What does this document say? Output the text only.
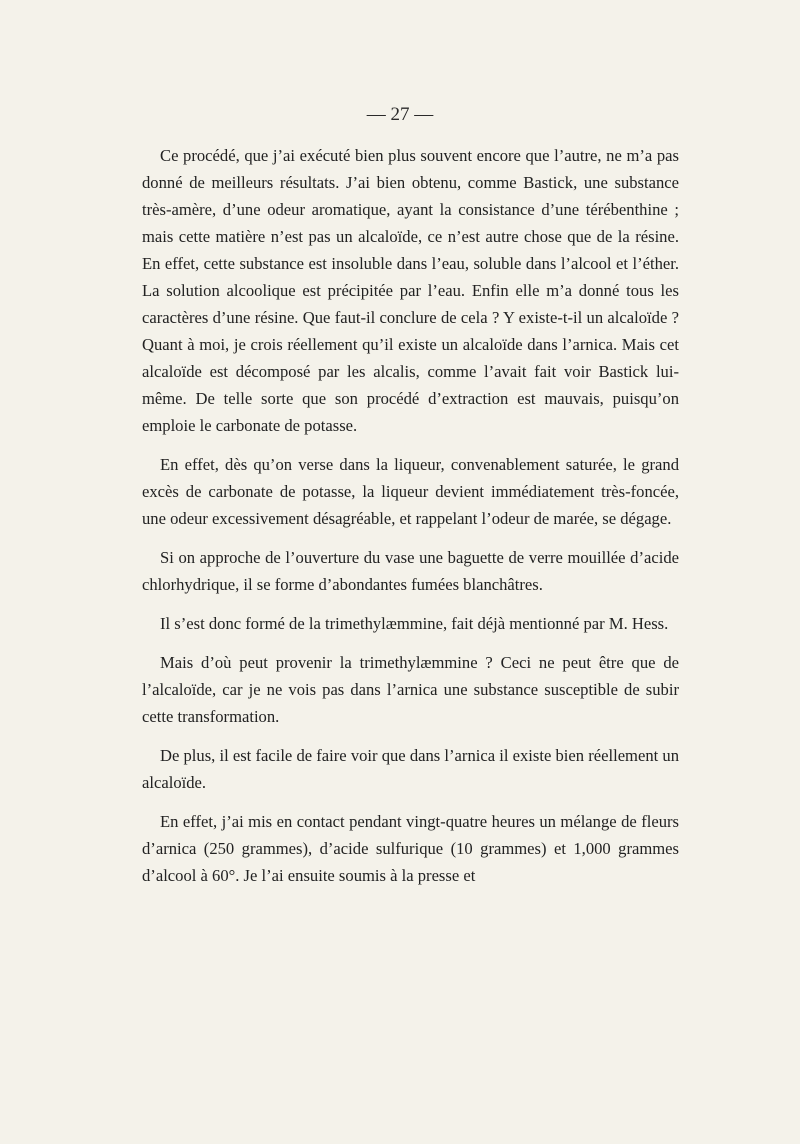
— 27 —

Ce procédé, que j’ai exécuté bien plus souvent encore que l’autre, ne m’a pas donné de meilleurs résultats. J’ai bien obtenu, comme Bastick, une substance très-amère, d’une odeur aromatique, ayant la consistance d’une térébenthine ; mais cette matière n’est pas un alcaloïde, ce n’est autre chose que de la résine. En effet, cette substance est insoluble dans l’eau, soluble dans l’alcool et l’éther. La solution alcoolique est précipitée par l’eau. Enfin elle m’a donné tous les caractères d’une résine. Que faut-il conclure de cela ? Y existe-t-il un alcaloïde ? Quant à moi, je crois réellement qu’il existe un alcaloïde dans l’arnica. Mais cet alcaloïde est décomposé par les alcalis, comme l’avait fait voir Bastick lui-même. De telle sorte que son procédé d’extraction est mauvais, puisqu’on emploie le carbonate de potasse.

En effet, dès qu’on verse dans la liqueur, convenablement saturée, le grand excès de carbonate de potasse, la liqueur devient immédiatement très-foncée, une odeur excessivement désagréable, et rappelant l’odeur de marée, se dégage.

Si on approche de l’ouverture du vase une baguette de verre mouillée d’acide chlorhydrique, il se forme d’abondantes fumées blanchâtres.

Il s’est donc formé de la trimethylæmmine, fait déjà mentionné par M. Hess.

Mais d’où peut provenir la trimethylæmmine ? Ceci ne peut être que de l’alcaloïde, car je ne vois pas dans l’arnica une substance susceptible de subir cette transformation.

De plus, il est facile de faire voir que dans l’arnica il existe bien réellement un alcaloïde.

En effet, j’ai mis en contact pendant vingt-quatre heures un mélange de fleurs d’arnica (250 grammes), d’acide sulfurique (10 grammes) et 1,000 grammes d’alcool à 60°. Je l’ai ensuite soumis à la presse et
